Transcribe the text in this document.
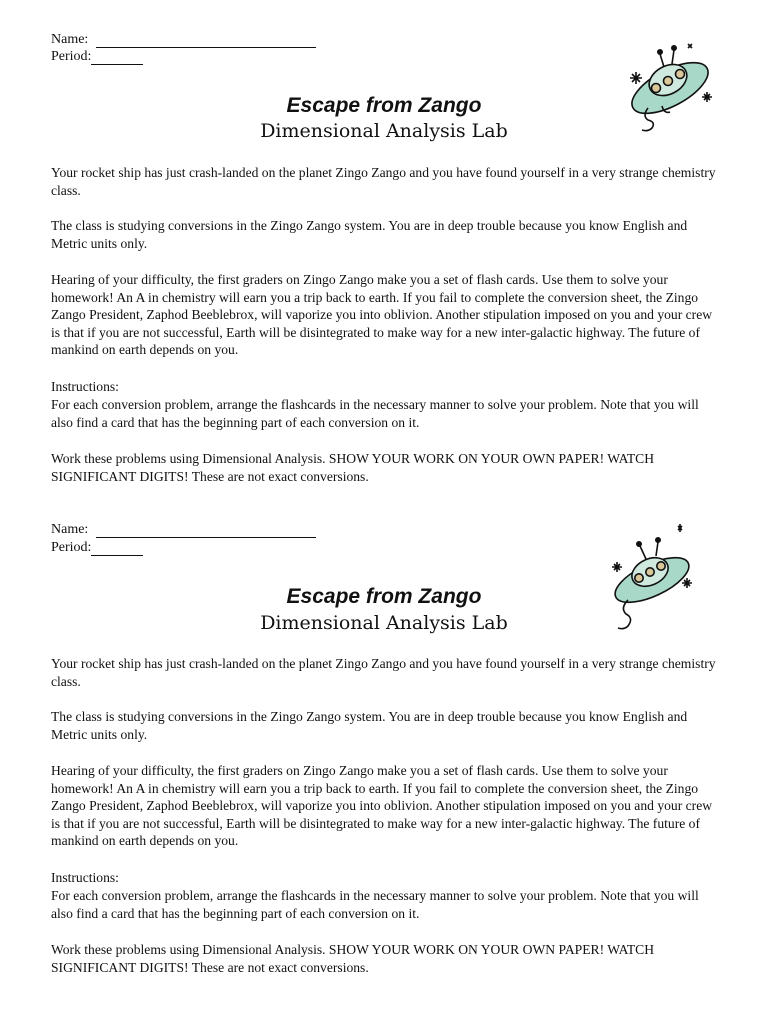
Name:
Period:
Escape from Zango
Dimensional Analysis Lab

Your rocket ship has just crash-landed on the planet Zingo Zango and you have found yourself in a very strange chemistry class.

The class is studying conversions in the Zingo Zango system. You are in deep trouble because you know English and Metric units only.

Hearing of your difficulty, the first graders on Zingo Zango make you a set of flash cards. Use them to solve your homework! An A in chemistry will earn you a trip back to earth. If you fail to complete the conversion sheet, the Zingo Zango President, Zaphod Beeblebrox, will vaporize you into oblivion. Another stipulation imposed on you and your crew is that if you are not successful, Earth will be disintegrated to make way for a new inter-galactic highway. The future of mankind on earth depends on you.

Instructions:

For each conversion problem, arrange the flashcards in the necessary manner to solve your problem. Note that you will also find a card that has the beginning part of each conversion on it.

Work these problems using Dimensional Analysis. SHOW YOUR WORK ON YOUR OWN PAPER! WATCH SIGNIFICANT DIGITS! These are not exact conversions.

Name:
Period:
Escape from Zango
Dimensional Analysis Lab

Your rocket ship has just crash-landed on the planet Zingo Zango and you have found yourself in a very strange chemistry class.

The class is studying conversions in the Zingo Zango system. You are in deep trouble because you know English and Metric units only.

Hearing of your difficulty, the first graders on Zingo Zango make you a set of flash cards. Use them to solve your homework! An A in chemistry will earn you a trip back to earth. If you fail to complete the conversion sheet, the Zingo Zango President, Zaphod Beeblebrox, will vaporize you into oblivion. Another stipulation imposed on you and your crew is that if you are not successful, Earth will be disintegrated to make way for a new inter-galactic highway. The future of mankind on earth depends on you.

Instructions:

For each conversion problem, arrange the flashcards in the necessary manner to solve your problem. Note that you will also find a card that has the beginning part of each conversion on it.

Work these problems using Dimensional Analysis. SHOW YOUR WORK ON YOUR OWN PAPER! WATCH SIGNIFICANT DIGITS! These are not exact conversions.
